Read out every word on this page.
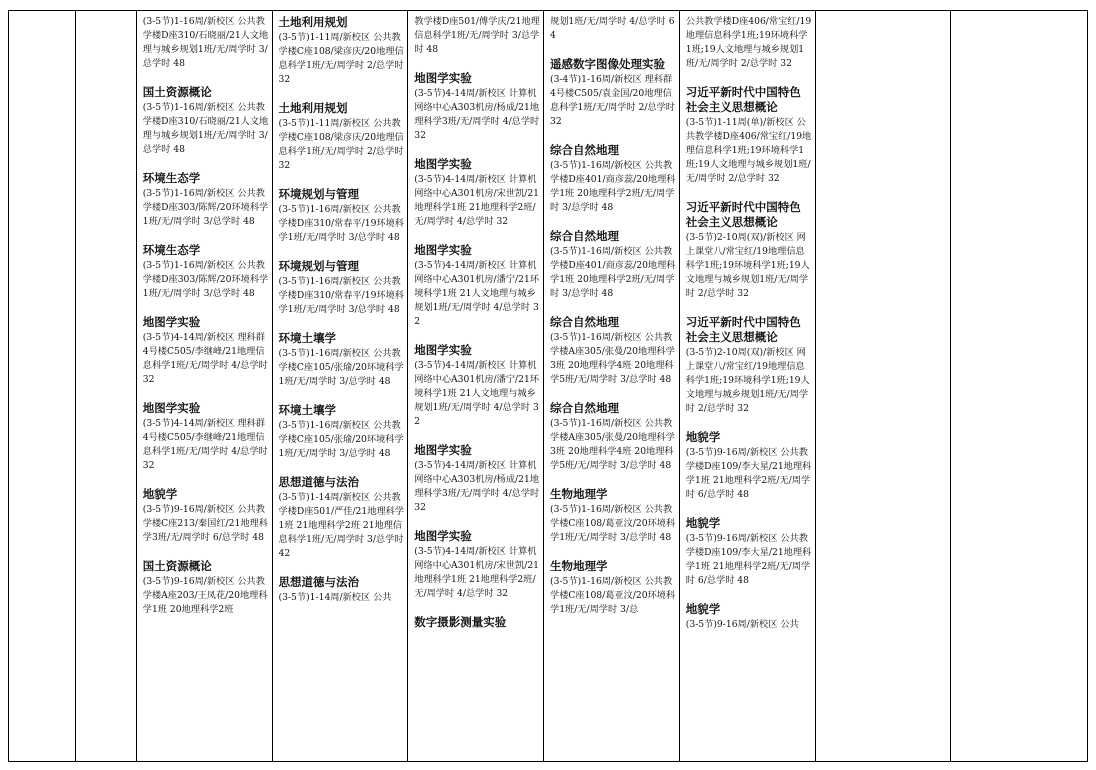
(3-5节)1-16周/新校区 公共教学楼D座310/石晓丽/21人文地理与城乡规划1班/无/周学时 3/总学时 48

国土资源概论

(3-5节)1-16周/新校区 公共教学楼D座310/石晓丽/21人文地理与城乡规划1班/无/周学时 3/总学时 48

环境生态学

(3-5节)1-16周/新校区 公共教学楼D座303/陈辉/20环境科学1班/无/周学时 3/总学时 48

环境生态学

(3-5节)1-16周/新校区 公共教学楼D座303/陈辉/20环境科学1班/无/周学时 3/总学时 48

地图学实验

(3-5节)4-14周/新校区 理科群4号楼C505/李继峰/21地理信息科学1班/无/周学时 4/总学时 32

地图学实验

(3-5节)4-14周/新校区 理科群4号楼C505/李继峰/21地理信息科学1班/无/周学时 4/总学时 32

地貌学

(3-5节)9-16周/新校区 公共教学楼C座213/秦国红/21地理科学3班/无/周学时 6/总学时 48

国土资源概论

(3-5节)9-16周/新校区 公共教学楼A座203/王凤花/20地理科学1班 20地理科学2班

土地利用规划

(3-5节)1-11周/新校区 公共教学楼C座108/梁彦庆/20地理信息科学1班/无/周学时 2/总学时 32

土地利用规划

(3-5节)1-11周/新校区 公共教学楼C座108/梁彦庆/20地理信息科学1班/无/周学时 2/总学时 32

环境规划与管理

(3-5节)1-16周/新校区 公共教学楼D座310/常春平/19环境科学1班/无/周学时 3/总学时 48

环境规划与管理

(3-5节)1-16周/新校区 公共教学楼D座310/常春平/19环境科学1班/无/周学时 3/总学时 48

环境土壤学

(3-5节)1-16周/新校区 公共教学楼C座105/张瑜/20环境科学1班/无/周学时 3/总学时 48

环境土壤学

(3-5节)1-16周/新校区 公共教学楼C座105/张瑜/20环境科学1班/无/周学时 3/总学时 48

思想道德与法治

(3-5节)1-14周/新校区 公共教学楼D座501/严佳/21地理科学1班 21地理科学2班 21地理信息科学1班/无/周学时 3/总学时 42

思想道德与法治

(3-5节)1-14周/新校区 公共

教学楼D座501/傅学庆/21地理信息科学1班/无/周学时 3/总学时 48

地图学实验

(3-5节)4-14周/新校区 计算机网络中心A303机房/杨成/21地理科学3班/无/周学时 4/总学时 32

地图学实验

(3-5节)4-14周/新校区 计算机网络中心A301机房/宋世凯/21地理科学1班 21地理科学2班/无/周学时 4/总学时 32

地图学实验

(3-5节)4-14周/新校区 计算机网络中心A301机房/潘宁/21环境科学1班 21人文地理与城乡规划1班/无/周学时 4/总学时 32

地图学实验

(3-5节)4-14周/新校区 计算机网络中心A301机房/潘宁/21环境科学1班 21人文地理与城乡规划1班/无/周学时 4/总学时 32

地图学实验

(3-5节)4-14周/新校区 计算机网络中心A303机房/杨成/21地理科学3班/无/周学时 4/总学时 32

地图学实验

(3-5节)4-14周/新校区 计算机网络中心A301机房/宋世凯/21地理科学1班 21地理科学2班/无/周学时 4/总学时 32

数字摄影测量实验

规划1班/无/周学时 4/总学时 64

遥感数字图像处理实验

(3-4节)1-16周/新校区 理科群4号楼C505/袁金国/20地理信息科学1班/无/周学时 2/总学时 32

综合自然地理

(3-5节)1-16周/新校区 公共教学楼D座401/商彦蕊/20地理科学1班 20地理科学2班/无/周学时 3/总学时 48

综合自然地理

(3-5节)1-16周/新校区 公共教学楼D座401/商彦蕊/20地理科学1班 20地理科学2班/无/周学时 3/总学时 48

综合自然地理

(3-5节)1-16周/新校区 公共教学楼A座305/张曼/20地理科学3班 20地理科学4班 20地理科学5班/无/周学时 3/总学时 48

综合自然地理

(3-5节)1-16周/新校区 公共教学楼A座305/张曼/20地理科学3班 20地理科学4班 20地理科学5班/无/周学时 3/总学时 48

生物地理学

(3-5节)1-16周/新校区 公共教学楼C座108/葛亚汶/20环境科学1班/无/周学时 3/总学时 48

生物地理学

(3-5节)1-16周/新校区 公共教学楼C座108/葛亚汶/20环境科学1班/无/周学时 3/总

公共教学楼D座406/常宝红/19地理信息科学1班;19环境科学1班;19人文地理与城乡规划1班/无/周学时 2/总学时 32

习近平新时代中国特色社会主义思想概论

(3-5节)1-11周(单)/新校区 公共教学楼D座406/常宝红/19地理信息科学1班;19环境科学1班;19人文地理与城乡规划1班/无/周学时 2/总学时 32

习近平新时代中国特色社会主义思想概论

(3-5节)2-10周(双)/新校区 网上课堂八/常宝红/19地理信息科学1班;19环境科学1班;19人文地理与城乡规划1班/无/周学时 2/总学时 32

习近平新时代中国特色社会主义思想概论

(3-5节)2-10周(双)/新校区 网上课堂八/常宝红/19地理信息科学1班;19环境科学1班;19人文地理与城乡规划1班/无/周学时 2/总学时 32

地貌学

(3-5节)9-16周/新校区 公共教学楼D座109/李大星/21地理科学1班 21地理科学2班/无/周学时 6/总学时 48

地貌学

(3-5节)9-16周/新校区 公共教学楼D座109/李大星/21地理科学1班 21地理科学2班/无/周学时 6/总学时 48

地貌学

(3-5节)9-16周/新校区 公共
